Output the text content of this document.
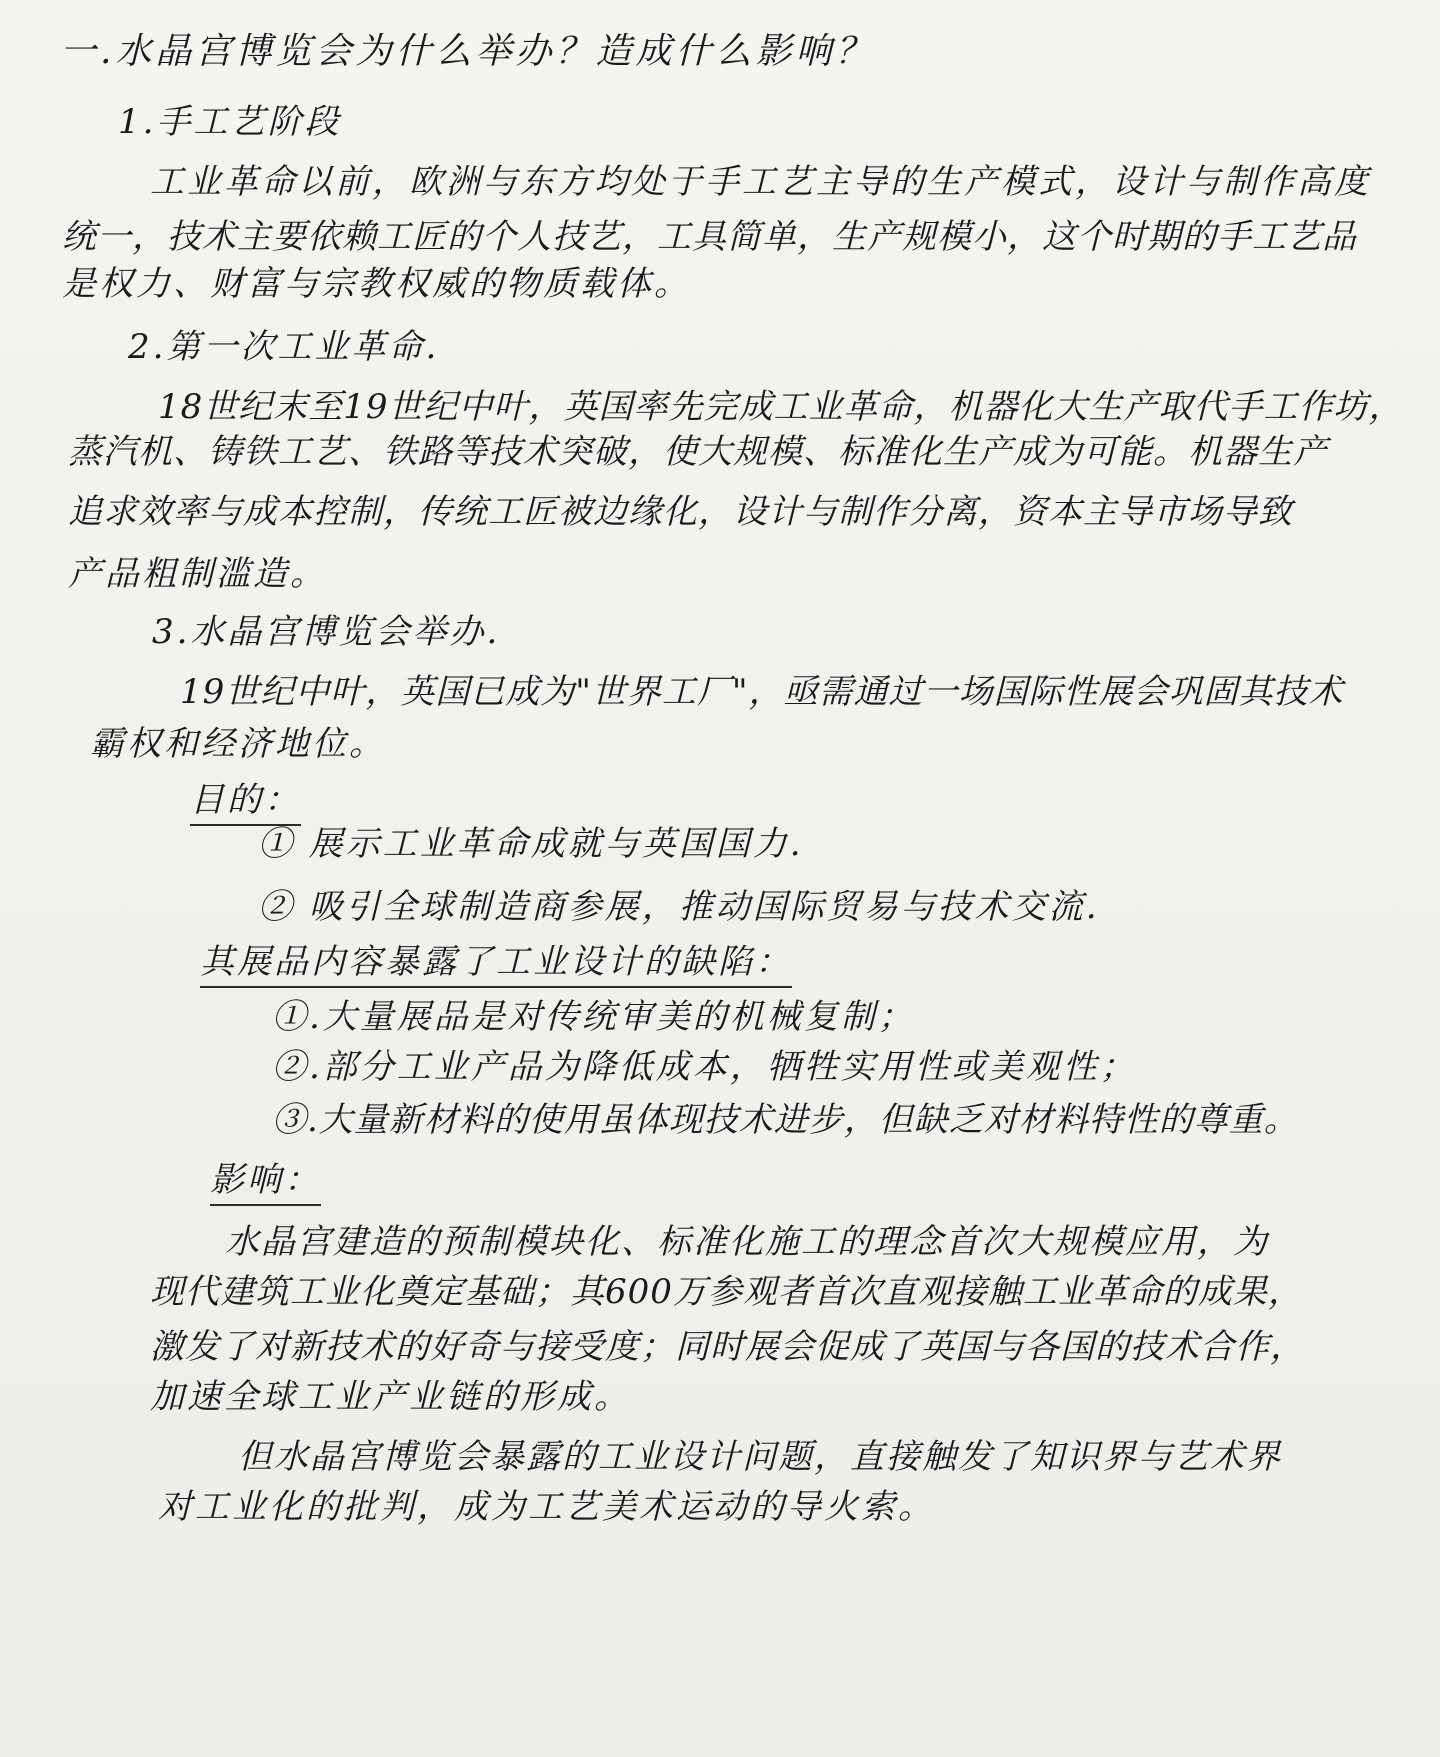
一.水晶宫博览会为什么举办？造成什么影响？
1.手工艺阶段
工业革命以前，欧洲与东方均处于手工艺主导的生产模式，设计与制作高度
统一，技术主要依赖工匠的个人技艺，工具简单，生产规模小，这个时期的手工艺品
是权力、财富与宗教权威的物质载体。
2.第一次工业革命.
18世纪末至19世纪中叶，英国率先完成工业革命，机器化大生产取代手工作坊，
蒸汽机、铸铁工艺、铁路等技术突破，使大规模、标准化生产成为可能。机器生产
追求效率与成本控制，传统工匠被边缘化，设计与制作分离，资本主导市场导致
产品粗制滥造。
3.水晶宫博览会举办.
19世纪中叶，英国已成为"世界工厂"，亟需通过一场国际性展会巩固其技术
霸权和经济地位。
目的：
① 展示工业革命成就与英国国力.
② 吸引全球制造商参展，推动国际贸易与技术交流.
其展品内容暴露了工业设计的缺陷：
①.大量展品是对传统审美的机械复制；
②.部分工业产品为降低成本，牺牲实用性或美观性；
③.大量新材料的使用虽体现技术进步，但缺乏对材料特性的尊重。
影响：
水晶宫建造的预制模块化、标准化施工的理念首次大规模应用，为
现代建筑工业化奠定基础；其600万参观者首次直观接触工业革命的成果，
激发了对新技术的好奇与接受度；同时展会促成了英国与各国的技术合作，
加速全球工业产业链的形成。
但水晶宫博览会暴露的工业设计问题，直接触发了知识界与艺术界
对工业化的批判，成为工艺美术运动的导火索。
